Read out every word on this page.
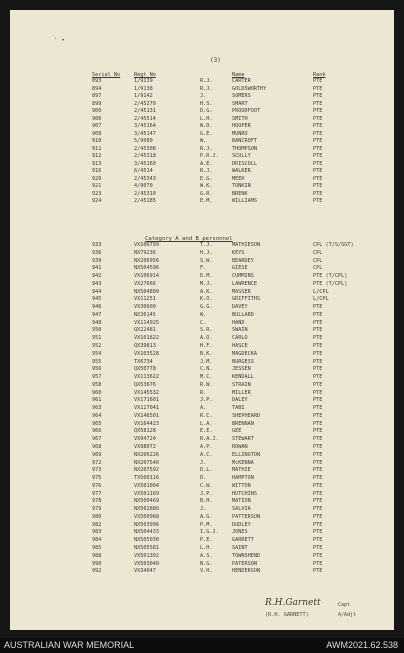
' •
(3)
Serial No	Regt No	Name	Rank
893	1/9139	R.J.	CARTER	PTE
894	1/9138	R.J.	GOLDSWORTHY	PTE
897	1/9142	J.	SOMERS	PTE
899	2/45270	H.S.	SMART	PTE
900	2/45131	D.G.	PROUDFOOT	PTE
906	2/45514	L.H.	SMITH	PTE
907	3/45164	W.D.	HOOPER	PTE
908	3/45147	G.E.	MUNRO	PTE
910	5/9089	W.	BANCROFT	PTE
911	2/45308	R.J.	THOMPSON	PTE
912	2/45318	P.R.J.	SCULLY	PTE
913	3/45160	A.E.	DRISCOLL	PTE
916	6/4514	R.J.	WALKER	PTE
920	2/45343	E.G.	MEEK	PTE
921	4/9070	W.K.	TONKIN	PTE
923	2/45310	G.R.	BRENK	PTE
924	2/45185	E.M.	WILLIAMS	PTE
Category A and B personnel
933	VX106799	T.J.	MATHIESON	CPL (T/S/SGT)
936	NX79236	H.J.	KEYS	CPL
939	NX206956	S.W.	BEARDEY	CPL
941	NX504596	F.	GIESE	CPL
942	VX106914	D.M.	CUMMINS	PTE (T/CPL)
943	VX27666	M.J.	LAWRENCE	PTE (T/CPL)
944	NX504809	A.K.	MASSER	L/CPL
945	VX11251	K.O.	GRIFFITHS	L/CPL
946	VX30600	G.G.	DAVEY	PTE
947	NX36145	W.	BULLARD	PTE
948	VX114925	C.	HAND	PTE
950	QX22481	S.R.	SWAIN	PTE
951	VX101822	A.O.	CARLO	PTE
952	QX39813	H.F.	HASCE	PTE
954	VX103528	B.K.	MAGDECKA	PTE
955	TX6734	J.M.	BURGESS	PTE
956	QX50778	C.N.	JESSEN	PTE
957	VX113622	M.C.	KENDALL	PTE
958	QX53676	R.W.	STRAIN	PTE
960	VX145532	R.	MILLER	PTE
961	VX171601	J.P.	DALEY	PTE
963	VX127041	A.	TABI	PTE
964	VX146501	R.C.	SHEPHEARD	PTE
965	VX164423	L.A.	BRENNAN	PTE
966	QX58128	E.E.	GEE	PTE
967	VX94724	R.A.J.	STEWART	PTE
968	VX98072	A.P.	ROWAN	PTE
969	NX206226	A.C.	ELLINGTON	PTE
972	NX207540	J.	McKENNA	PTE
973	NX207592	D.L.	MATHIE	PTE
975	TX500116	D.	HAMPTON	PTE
976	VX501004	C.W.	WITTON	PTE
977	VX501169	J.P.	HUTCHINS	PTE
978	NX500469	B.H.	MATION	PTE
979	NX502880	J.	SALVIA	PTE
980	VX500968	A.G.	PATTERSON	PTE
982	NX503996	P.M.	DUDLEY	PTE
983	NX504433	I.G.J.	JONES	PTE
984	NX505030	P.E.	GARRETT	PTE
985	NX505581	L.H.	SAINT	PTE
988	VX501302	A.S.	TOWNSHEND	PTE
990	VX503040	N.G.	PATERSON	PTE
992	VX34047	V.H.	HENDERSON	PTE
R.H.Garnett	Capt
(R.H. GARNETT)	A/Adjt
AUSTRALIAN WAR MEMORIAL	AWM2021.62.538
